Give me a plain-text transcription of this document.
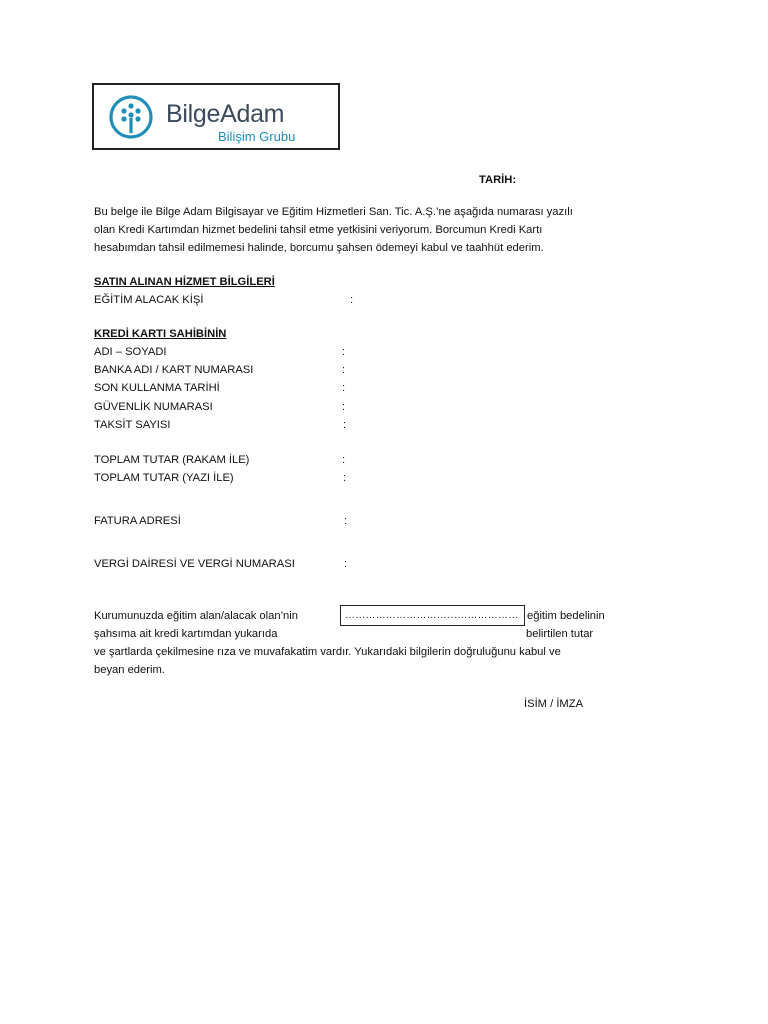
BilgeAdam
Bilişim Grubu
TARİH:
Bu belge ile Bilge Adam Bilgisayar ve Eğitim Hizmetleri San. Tic. A.Ş.’ne aşağıda numarası yazılı
olan Kredi Kartımdan hizmet bedelini tahsil etme yetkisini veriyorum. Borcumun Kredi Kartı
hesabımdan tahsil edilmemesi halinde, borcumu şahsen ödemeyi kabul ve taahhüt ederim.
SATIN ALINAN HİZMET BİLGİLERİ
EĞİTİM ALACAK KİŞİ	:
KREDİ KARTI SAHİBİNİN
ADI – SOYADI	:
BANKA ADI / KART NUMARASI	:
SON KULLANMA TARİHİ	:
GÜVENLİK NUMARASI	:
TAKSİT SAYISI	:
TOPLAM TUTAR (RAKAM İLE)	:
TOPLAM TUTAR (YAZI İLE)	:
FATURA ADRESİ	:
VERGİ DAİRESİ VE VERGİ NUMARASI	:
Kurumunuzda eğitim alan/alacak olan’nin	…………………………………………… eğitim bedelinin
şahsıma ait kredi kartımdan yukarıda	belirtilen tutar
ve şartlarda çekilmesine rıza ve muvafakatim vardır. Yukarıdaki bilgilerin doğruluğunu kabul ve
beyan ederim.
İSİM / İMZA
